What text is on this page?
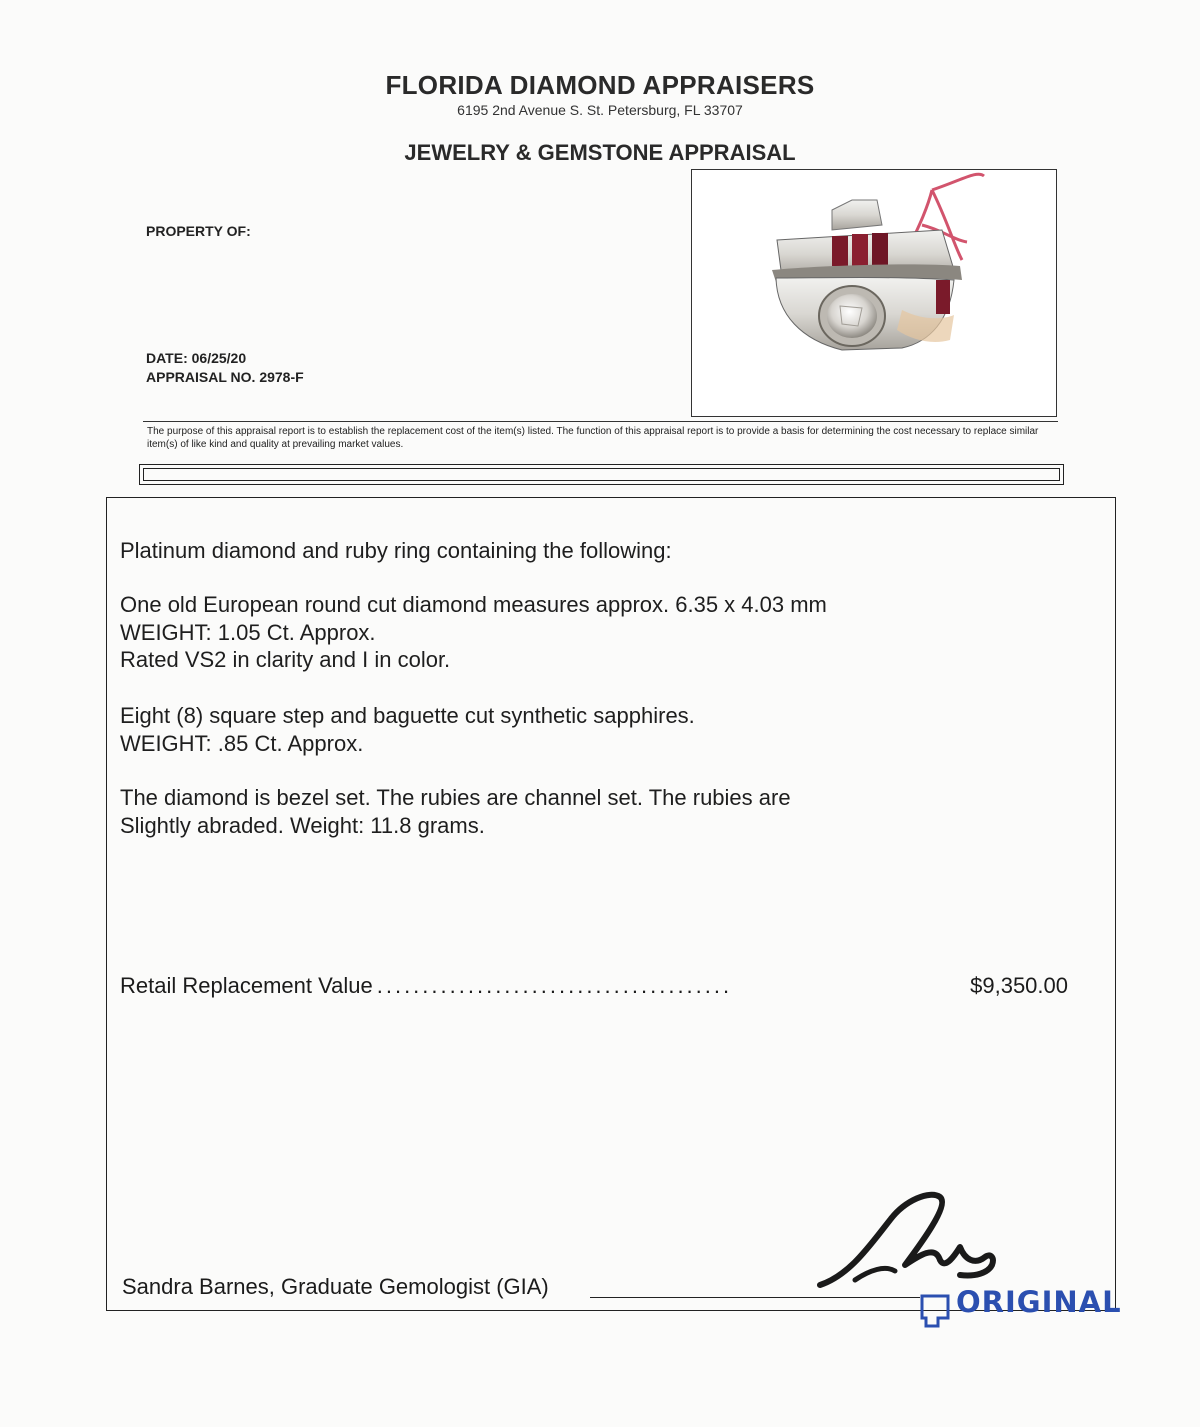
FLORIDA DIAMOND APPRAISERS
6195 2nd Avenue S. St. Petersburg, FL 33707
JEWELRY & GEMSTONE APPRAISAL
PROPERTY OF:
DATE: 06/25/20
APPRAISAL NO. 2978-F
The purpose of this appraisal report is to establish the replacement cost of the item(s) listed. The function of this appraisal report is to provide a basis for determining the cost necessary to replace similar item(s) of like kind and quality at prevailing market values.
Platinum diamond and ruby ring containing the following:
One old European round cut diamond measures approx. 6.35 x 4.03 mm
WEIGHT: 1.05 Ct. Approx.
Rated VS2 in clarity and I in color.
Eight (8) square step and baguette cut synthetic sapphires.
WEIGHT: .85 Ct. Approx.
The diamond is bezel set. The rubies are channel set. The rubies are
Slightly abraded. Weight: 11.8 grams.
Retail Replacement Value .......................................	$9,350.00
Sandra Barnes, Graduate Gemologist (GIA)	ORIGINAL
